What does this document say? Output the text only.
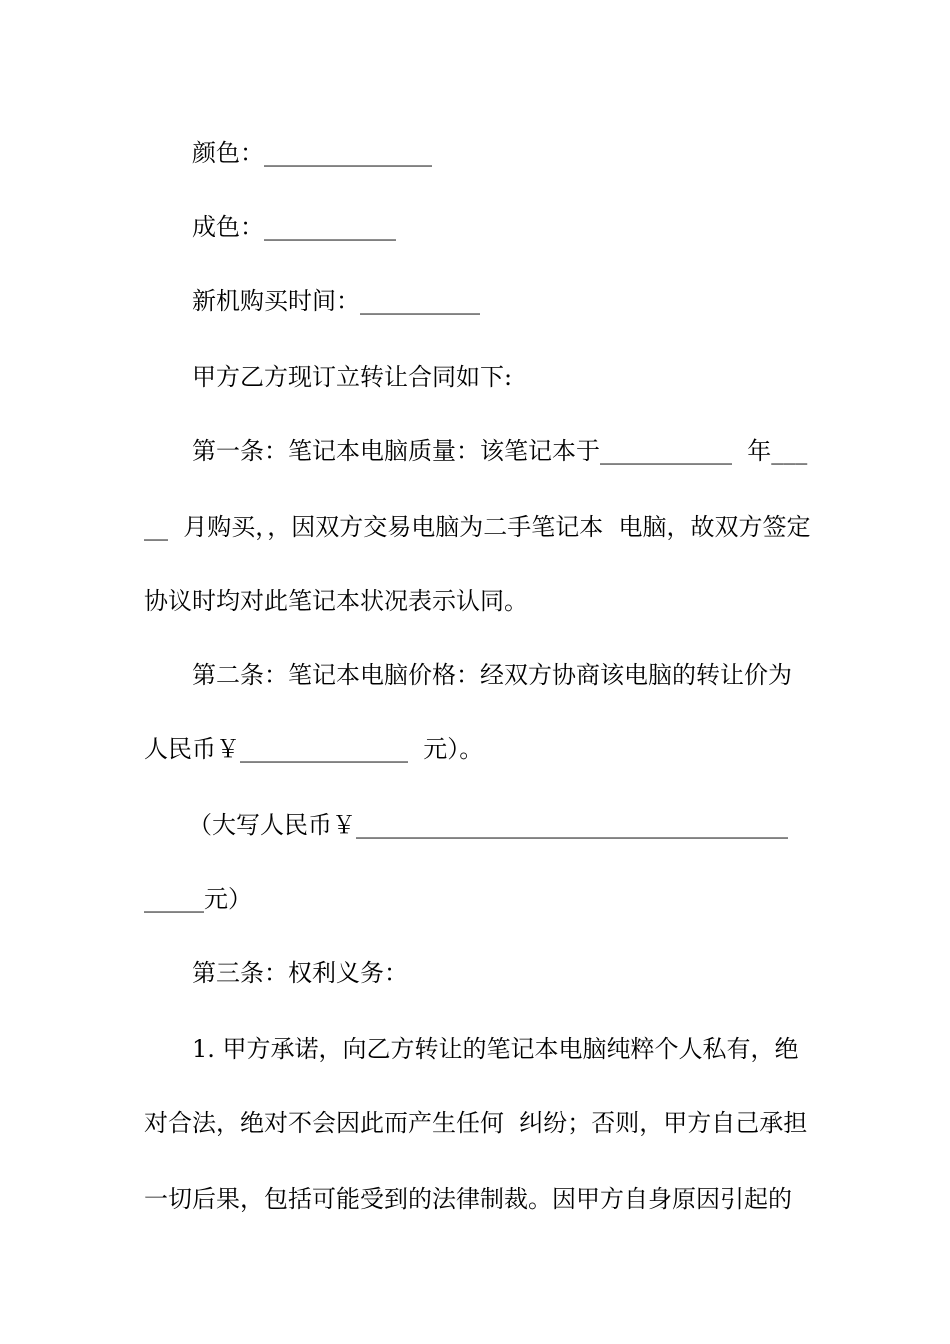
颜色：______________
成色：___________
新机购买时间：__________
甲方乙方现订立转让合同如下:
第一条：笔记本电脑质量：该笔记本于___________  年___
__  月购买，，因双方交易电脑为二手笔记本  电脑，故双方签定
协议时均对此笔记本状况表示认同。
第二条：笔记本电脑价格：经双方协商该电脑的转让价为
人民币￥______________  元）。
（大写人民币￥____________________________________
_____元）
第三条：权利义务：
1. 甲方承诺，向乙方转让的笔记本电脑纯粹个人私有，绝
对合法，绝对不会因此而产生任何  纠纷；否则，甲方自己承担
一切后果，包括可能受到的法律制裁。因甲方自身原因引起的
